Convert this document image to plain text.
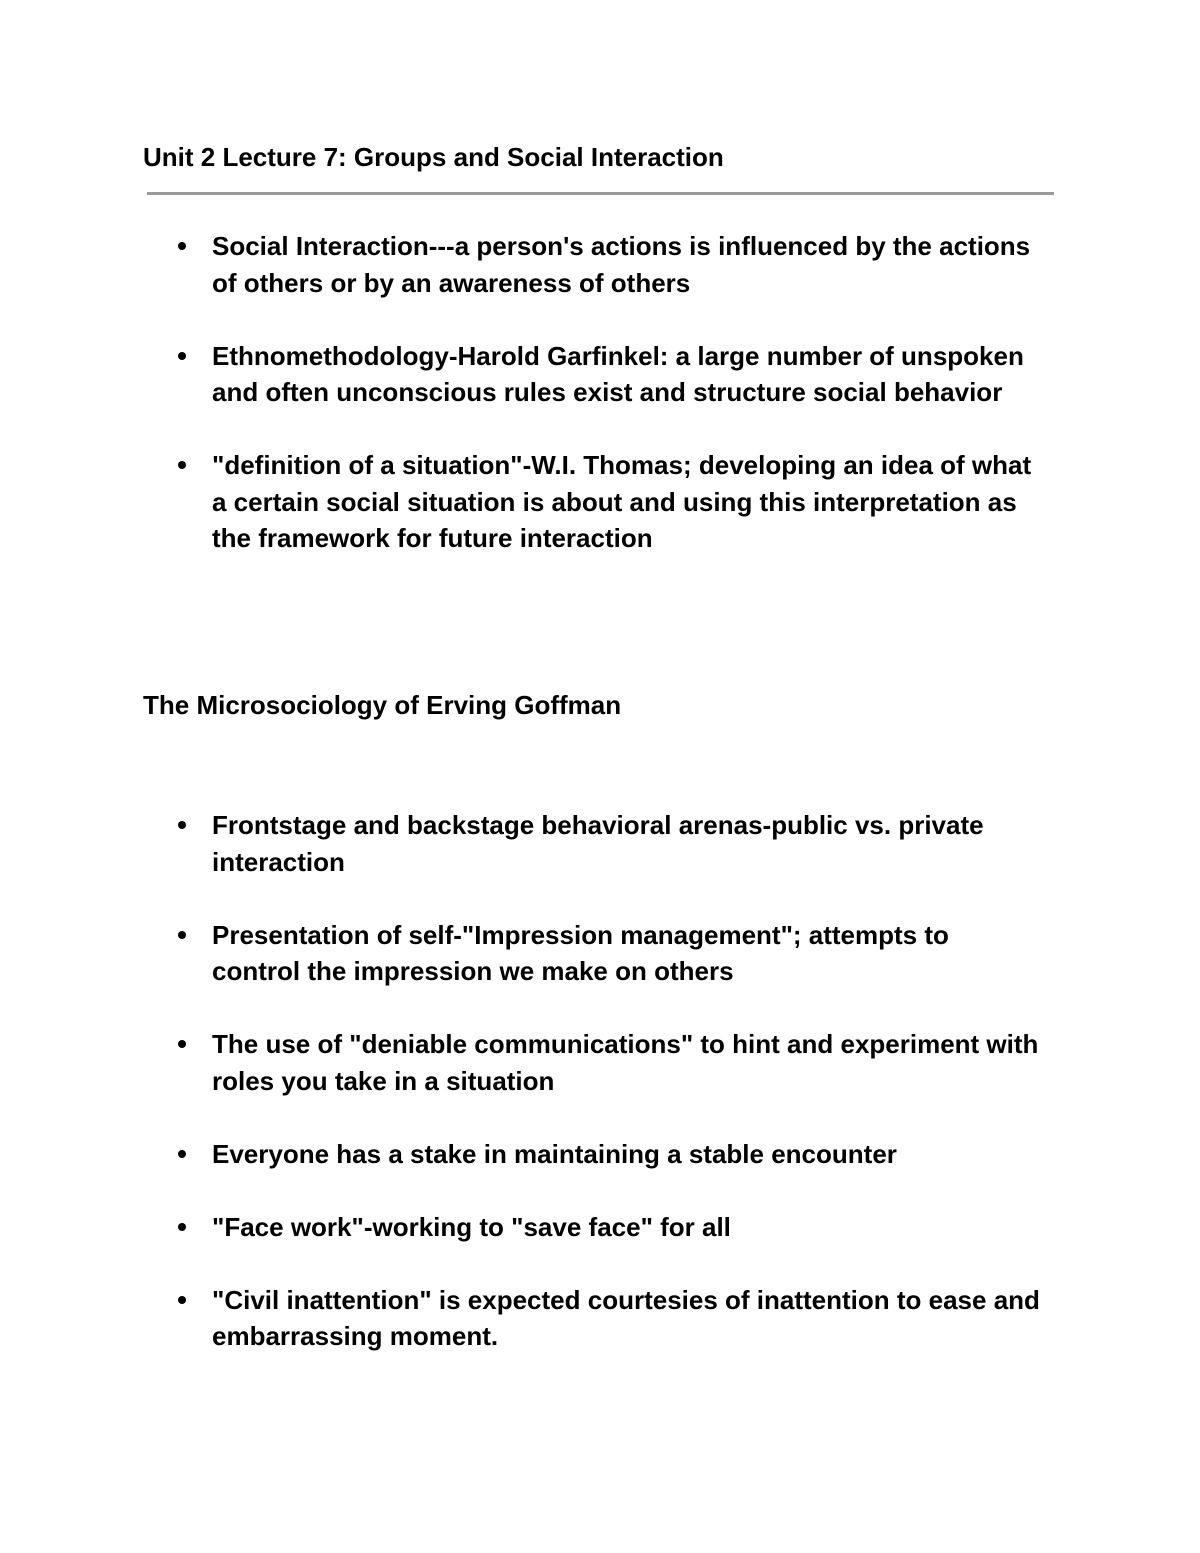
Unit 2 Lecture 7: Groups and Social Interaction
Social Interaction---a person's actions is influenced by the actions of others or by an awareness of others
Ethnomethodology-Harold Garfinkel: a large number of unspoken and often unconscious rules exist and structure social behavior
"definition of a situation"-W.I. Thomas; developing an idea of what a certain social situation is about and using this interpretation as the framework for future interaction
The Microsociology of Erving Goffman
Frontstage and backstage behavioral arenas-public vs. private interaction
Presentation of self-"Impression management"; attempts to control the impression we make on others
The use of "deniable communications" to hint and experiment with roles you take in a situation
Everyone has a stake in maintaining a stable encounter
"Face work"-working to "save face" for all
"Civil inattention" is expected courtesies of inattention to ease and embarrassing moment.
